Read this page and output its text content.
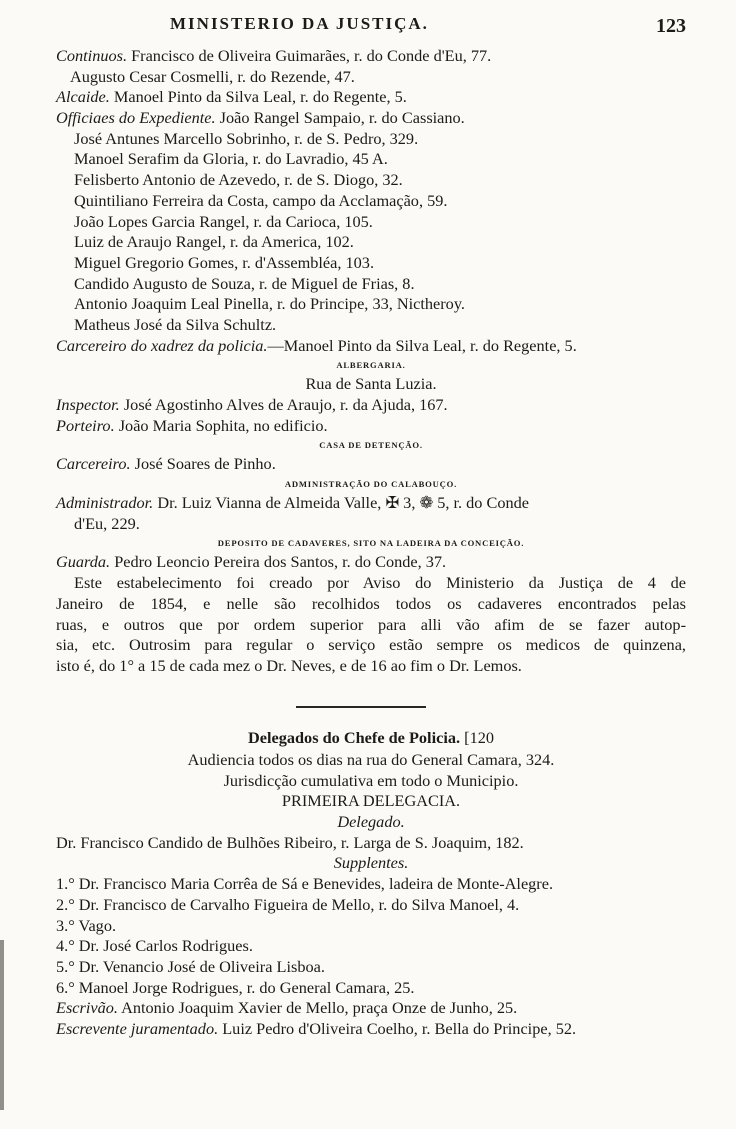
MINISTERIO DA JUSTIÇA.	123
Continuos. Francisco de Oliveira Guimarães, r. do Conde d'Eu, 77.
Augusto Cesar Cosmelli, r. do Rezende, 47.
Alcaide. Manoel Pinto da Silva Leal, r. do Regente, 5.
Officiaes do Expediente. João Rangel Sampaio, r. do Cassiano.
José Antunes Marcello Sobrinho, r. de S. Pedro, 329.
Manoel Serafim da Gloria, r. do Lavradio, 45 A.
Felisberto Antonio de Azevedo, r. de S. Diogo, 32.
Quintiliano Ferreira da Costa, campo da Acclamação, 59.
João Lopes Garcia Rangel, r. da Carioca, 105.
Luiz de Araujo Rangel, r. da America, 102.
Miguel Gregorio Gomes, r. d'Assembléa, 103.
Candido Augusto de Souza, r. de Miguel de Frias, 8.
Antonio Joaquim Leal Pinella, r. do Principe, 33, Nictheroy.
Matheus José da Silva Schultz.
Carcereiro do xadrez da policia.—Manoel Pinto da Silva Leal, r. do Regente, 5.
ALBERGARIA.
Rua de Santa Luzia.
Inspector. José Agostinho Alves de Araujo, r. da Ajuda, 167.
Porteiro. João Maria Sophita, no edificio.
CASA DE DETENÇÃO.
Carcereiro. José Soares de Pinho.
ADMINISTRAÇÃO DO CALABOUÇO.
Administrador. Dr. Luiz Vianna de Almeida Valle, ✠ 3, ❁ 5, r. do Conde
d'Eu, 229.
DEPOSITO DE CADAVERES, SITO NA LADEIRA DA CONCEIÇÃO.
Guarda. Pedro Leoncio Pereira dos Santos, r. do Conde, 37.
Este estabelecimento foi creado por Aviso do Ministerio da Justiça de 4 de
Janeiro de 1854, e nelle são recolhidos todos os cadaveres encontrados pelas
ruas, e outros que por ordem superior para alli vão afim de se fazer autop-
sia, etc. Outrosim para regular o serviço estão sempre os medicos de quinzena,
isto é, do 1° a 15 de cada mez o Dr. Neves, e de 16 ao fim o Dr. Lemos.
Delegados do Chefe de Policia. [120
Audiencia todos os dias na rua do General Camara, 324.
Jurisdicção cumulativa em todo o Municipio.
PRIMEIRA DELEGACIA.
Delegado.
Dr. Francisco Candido de Bulhões Ribeiro, r. Larga de S. Joaquim, 182.
Supplentes.
1.° Dr. Francisco Maria Corrêa de Sá e Benevides, ladeira de Monte-Alegre.
2.° Dr. Francisco de Carvalho Figueira de Mello, r. do Silva Manoel, 4.
3.° Vago.
4.° Dr. José Carlos Rodrigues.
5.° Dr. Venancio José de Oliveira Lisboa.
6.° Manoel Jorge Rodrigues, r. do General Camara, 25.
Escrivão. Antonio Joaquim Xavier de Mello, praça Onze de Junho, 25.
Escrevente juramentado. Luiz Pedro d'Oliveira Coelho, r. Bella do Principe, 52.
